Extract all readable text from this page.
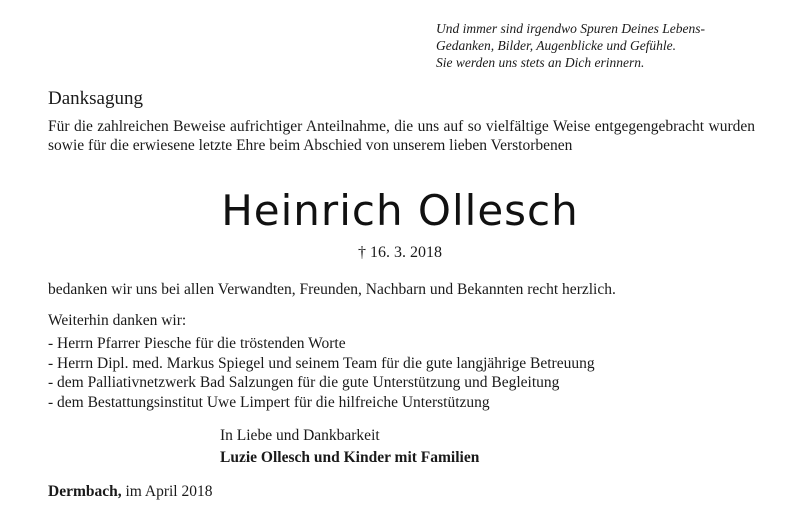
Und immer sind irgendwo Spuren Deines Lebens-
Gedanken, Bilder, Augenblicke und Gefühle.
Sie werden uns stets an Dich erinnern.
Danksagung
Für die zahlreichen Beweise aufrichtiger Anteilnahme, die uns auf so vielfältige Weise entgegengebracht wurden sowie für die erwiesene letzte Ehre beim Abschied von unserem lieben Verstorbenen
Heinrich Ollesch
† 16. 3. 2018
bedanken wir uns bei allen Verwandten, Freunden, Nachbarn und Bekannten recht herzlich.
Weiterhin danken wir:
- Herrn Pfarrer Piesche für die tröstenden Worte
- Herrn Dipl. med. Markus Spiegel und seinem Team für die gute langjährige Betreuung
- dem Palliativnetzwerk Bad Salzungen für die gute Unterstützung und Begleitung
- dem Bestattungsinstitut Uwe Limpert für die hilfreiche Unterstützung
In Liebe und Dankbarkeit
Luzie Ollesch und Kinder mit Familien
Dermbach, im April 2018
